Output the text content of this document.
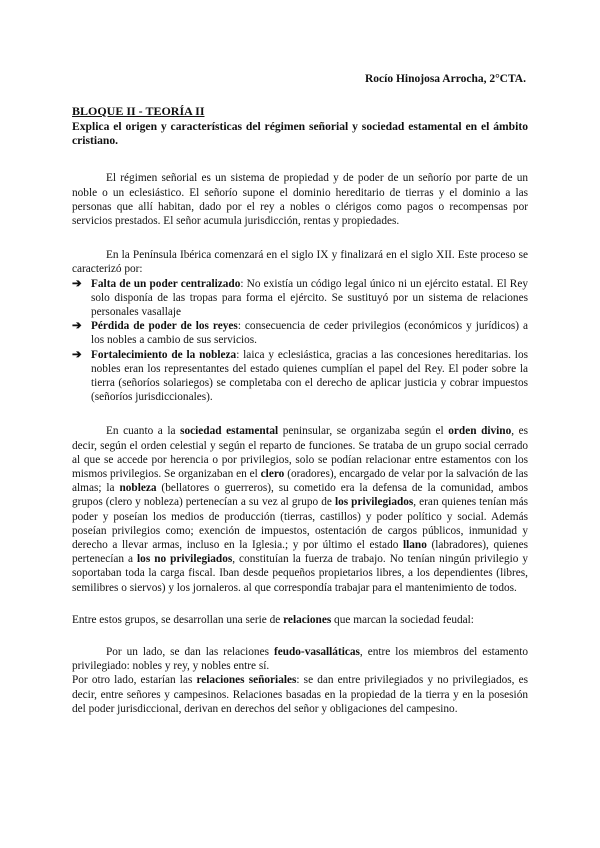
Rocío Hinojosa Arrocha, 2°CTA.

BLOQUE II - TEORÍA II

Explica el origen y características del régimen señorial y sociedad estamental en el ámbito cristiano.

El régimen señorial es un sistema de propiedad y de poder de un señorío por parte de un noble o un eclesiástico. El señorío supone el dominio hereditario de tierras y el dominio a las personas que allí habitan, dado por el rey a nobles o clérigos como pagos o recompensas por servicios prestados. El señor acumula jurisdicción, rentas y propiedades.

En la Península Ibérica comenzará en el siglo IX y finalizará en el siglo XII. Este proceso se caracterizó por:

➔ Falta de un poder centralizado: No existía un código legal único ni un ejército estatal. El Rey solo disponía de las tropas para forma el ejército. Se sustituyó por un sistema de relaciones personales vasallaje
➔ Pérdida de poder de los reyes: consecuencia de ceder privilegios (económicos y jurídicos) a los nobles a cambio de sus servicios.
➔ Fortalecimiento de la nobleza: laica y eclesiástica, gracias a las concesiones hereditarias. los nobles eran los representantes del estado quienes cumplían el papel del Rey. El poder sobre la tierra (señoríos solariegos) se completaba con el derecho de aplicar justicia y cobrar impuestos (señoríos jurisdiccionales).

En cuanto a la sociedad estamental peninsular, se organizaba según el orden divino, es decir, según el orden celestial y según el reparto de funciones. Se trataba de un grupo social cerrado al que se accede por herencia o por privilegios, solo se podían relacionar entre estamentos con los mismos privilegios. Se organizaban en el clero (oradores), encargado de velar por la salvación de las almas; la nobleza (bellatores o guerreros), su cometido era la defensa de la comunidad, ambos grupos (clero y nobleza) pertenecían a su vez al grupo de los privilegiados, eran quienes tenían más poder y poseían los medios de producción (tierras, castillos) y poder político y social. Además poseían privilegios como; exención de impuestos, ostentación de cargos públicos, inmunidad y derecho a llevar armas, incluso en la Iglesia.; y por último el estado llano (labradores), quienes pertenecían a los no privilegiados, constituían la fuerza de trabajo. No tenían ningún privilegio y soportaban toda la carga fiscal. Iban desde pequeños propietarios libres, a los dependientes (libres, semilibres o siervos) y los jornaleros. al que correspondía trabajar para el mantenimiento de todos.

Entre estos grupos, se desarrollan una serie de relaciones que marcan la sociedad feudal:

Por un lado, se dan las relaciones feudo-vasalláticas, entre los miembros del estamento privilegiado: nobles y rey, y nobles entre sí.

Por otro lado, estarían las relaciones señoriales: se dan entre privilegiados y no privilegiados, es decir, entre señores y campesinos. Relaciones basadas en la propiedad de la tierra y en la posesión del poder jurisdiccional, derivan en derechos del señor y obligaciones del campesino.
